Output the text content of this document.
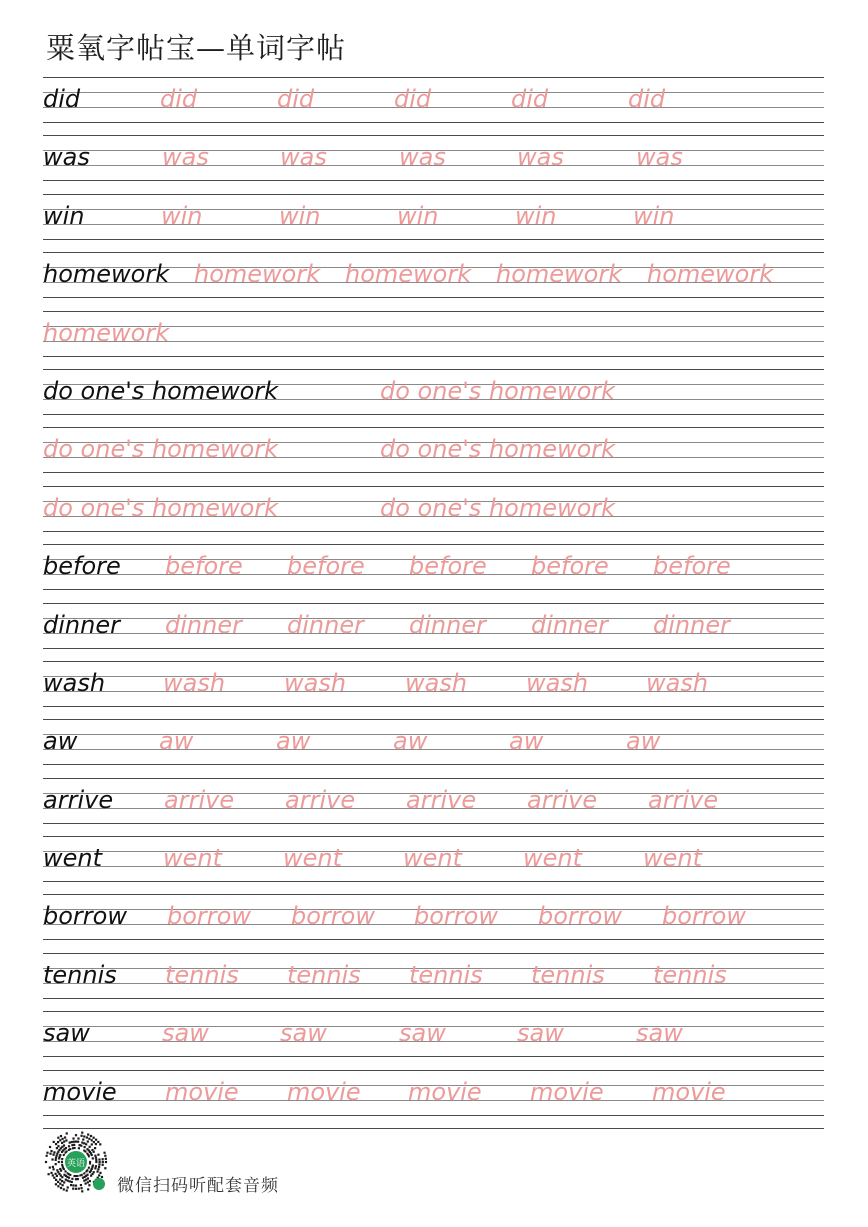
粟氧字帖宝—单词字帖
did	did	did	did	did	did
was	was	was	was	was	was
win	win	win	win	win	win
homework homework homework homework homework
homework
do one's homework	do one's homework
do one's homework	do one's homework
do one's homework	do one's homework
before before before before before before
dinner dinner dinner dinner dinner dinner
wash wash wash wash wash wash
aw	aw	aw	aw	aw	aw
arrive arrive arrive arrive arrive arrive
went	went	went	went	went	went
borrow borrow borrow borrow borrow borrow
tennis tennis tennis tennis tennis tennis
saw	saw	saw	saw	saw	saw
movie movie movie movie movie movie
英语
微信扫码听配套音频
